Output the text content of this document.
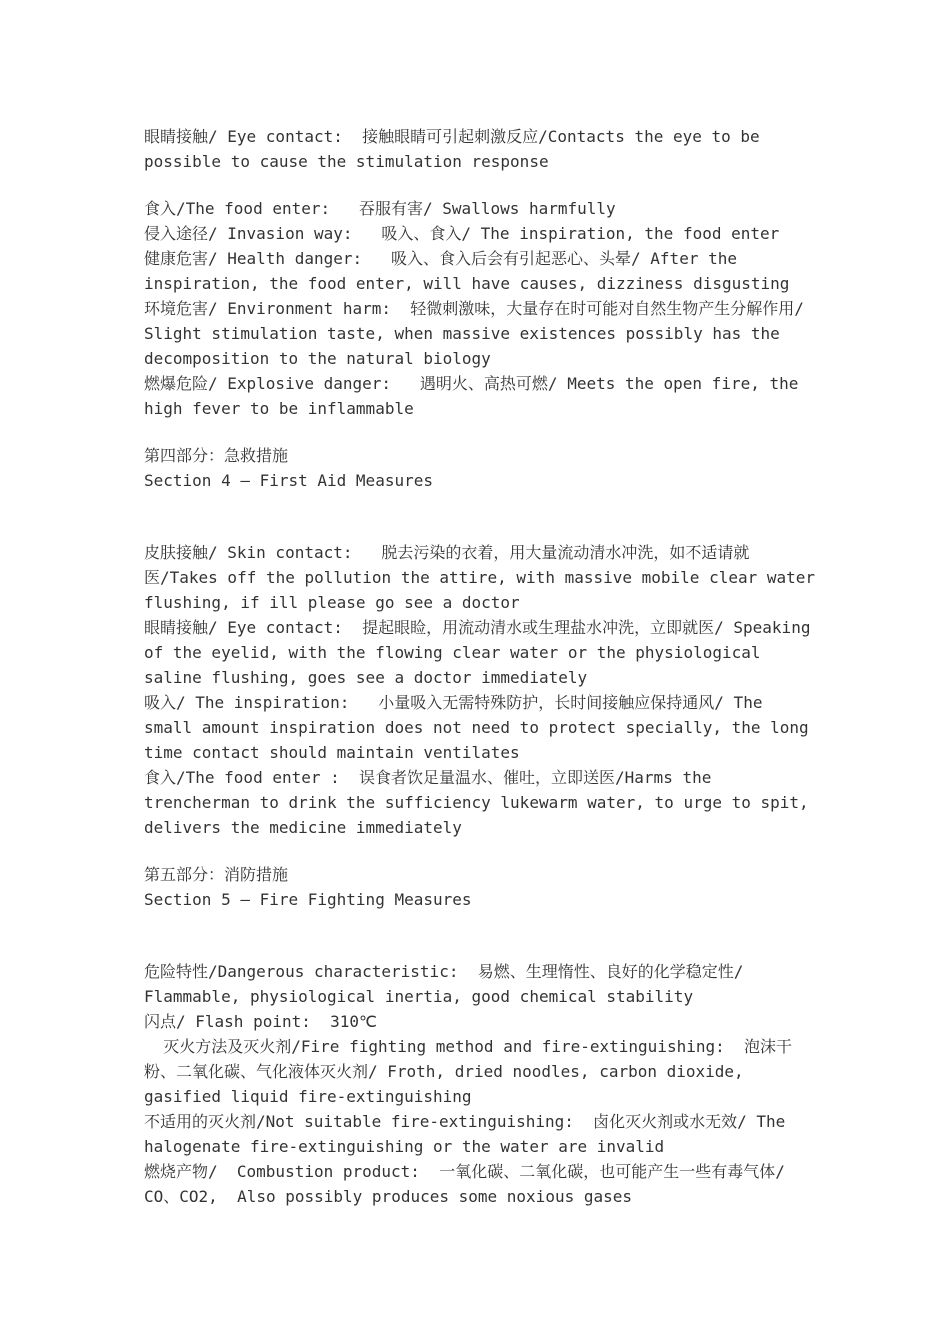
眼睛接触/ Eye contact:  接触眼睛可引起刺激反应/Contacts the eye to be possible to cause the stimulation response

食入/The food enter:   吞服有害/ Swallows harmfully

侵入途径/ Invasion way:   吸入、食入/ The inspiration, the food enter

健康危害/ Health danger:   吸入、食入后会有引起恶心、头晕/ After the inspiration, the food enter, will have causes, dizziness disgusting

环境危害/ Environment harm:  轻微刺激味，大量存在时可能对自然生物产生分解作用/   Slight stimulation taste, when massive existences possibly has the decomposition to the natural biology

燃爆危险/ Explosive danger:   遇明火、高热可燃/ Meets the open fire, the high fever to be inflammable

第四部分：急救措施

Section 4 – First Aid Measures

皮肤接触/ Skin contact:   脱去污染的衣着，用大量流动清水冲洗，如不适请就医/Takes off the pollution the attire, with massive mobile clear water flushing, if ill please go see a doctor

眼睛接触/ Eye contact:  提起眼睑，用流动清水或生理盐水冲洗，立即就医/ Speaking of the eyelid, with the flowing clear water or the physiological saline flushing, goes see a doctor immediately

吸入/ The inspiration:   小量吸入无需特殊防护，长时间接触应保持通风/ The small amount inspiration does not need to protect specially, the long time contact should maintain ventilates

食入/The food enter :  误食者饮足量温水、催吐，立即送医/Harms the trencherman to drink the sufficiency lukewarm water, to urge to spit, delivers the medicine immediately

第五部分：消防措施

Section 5 – Fire Fighting Measures

危险特性/Dangerous characteristic:  易燃、生理惰性、良好的化学稳定性/ Flammable, physiological inertia, good chemical stability

闪点/ Flash point:  310℃

灭火方法及灭火剂/Fire fighting method and fire-extinguishing:  泡沫干粉、二氧化碳、气化液体灭火剂/ Froth, dried noodles, carbon dioxide, gasified liquid fire-extinguishing

不适用的灭火剂/Not suitable fire-extinguishing:  卤化灭火剂或水无效/ The halogenate fire-extinguishing or the water are invalid

燃烧产物/  Combustion product:  一氧化碳、二氧化碳，也可能产生一些有毒气体/ CO、CO2,  Also possibly produces some noxious gases
